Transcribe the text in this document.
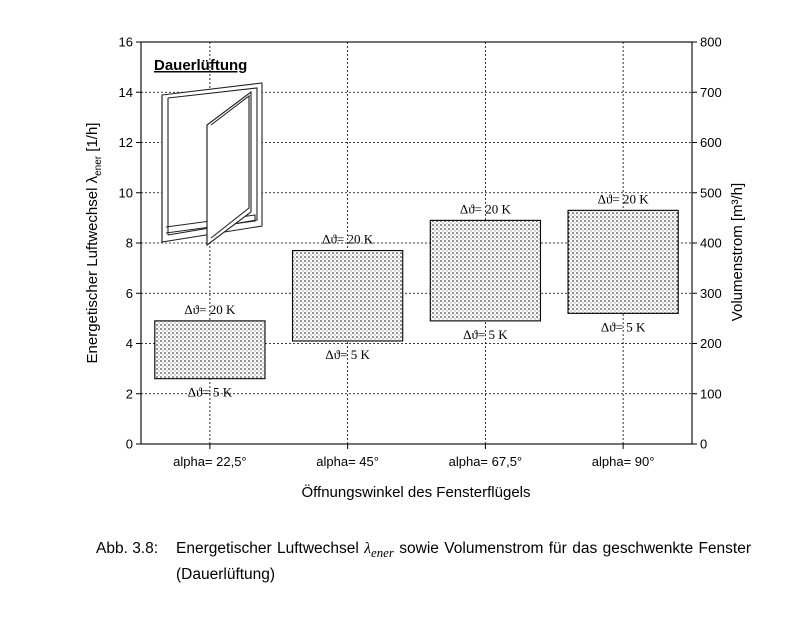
Δϑ= 20 K
Δϑ= 5 K
Δϑ= 20 K
Δϑ= 5 K
Δϑ= 20 K
Δϑ= 5 K
Δϑ= 20 K
Δϑ= 5 K
0
2
4
6
8
10
12
14
16
0
100
200
300
400
500
600
700
800
alpha= 22,5°	alpha= 45°	alpha= 67,5°	alpha= 90°
Dauerlüftung
Öffnungswinkel des Fensterflügels
Energetischer Luftwechsel $\lambda_{ener}$ [1/h]
Volumenstrom [m³/h]
Abb. 3.8: Energetischer Luftwechsel $\lambda_{ener}$ sowie Volumenstrom für das geschwenkte Fenster (Dauerlüftung)
